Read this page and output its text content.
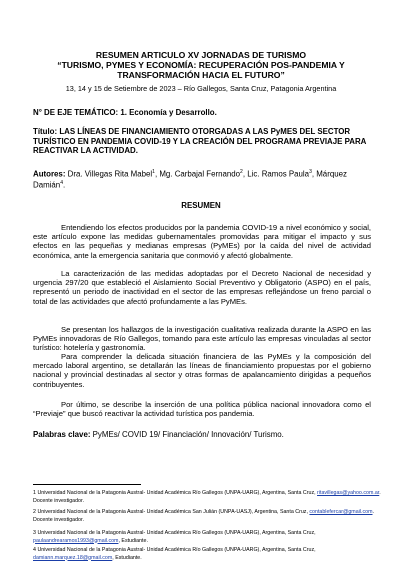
RESUMEN ARTICULO XV JORNADAS DE TURISMO
“TURISMO, PYMES Y ECONOMÍA: RECUPERACIÓN POS-PANDEMIA Y TRANSFORMACIÓN HACIA EL FUTURO”
13, 14 y 15 de Setiembre de 2023 – Río Gallegos, Santa Cruz, Patagonia Argentina
N° DE EJE TEMÁTICO: 1. Economía y Desarrollo.
Título: LAS LÍNEAS DE FINANCIAMIENTO OTORGADAS A LAS PyMES DEL SECTOR TURÍSTICO EN PANDEMIA COVID-19 Y LA CREACIÓN DEL PROGRAMA PREVIAJE PARA REACTIVAR LA ACTIVIDAD.
Autores: Dra. Villegas Rita Mabel$^1$, Mg. Carbajal Fernando$^2$, Lic. Ramos Paula$^3$, Márquez Damián$^4$.
RESUMEN
Entendiendo los efectos producidos por la pandemia COVID-19 a nivel económico y social, este artículo expone las medidas gubernamentales promovidas para mitigar el impacto y sus efectos en las pequeñas y medianas empresas (PyMEs) por la caída del nivel de actividad económica, ante la emergencia sanitaria que conmovió y afectó globalmente.
La caracterización de las medidas adoptadas por el Decreto Nacional de necesidad y urgencia 297/20 que estableció el Aislamiento Social Preventivo y Obligatorio (ASPO) en el país, representó un periodo de inactividad en el sector de las empresas reflejándose un freno parcial o total de las actividades que afectó profundamente a las PyMEs.
Se presentan los hallazgos de la investigación cualitativa realizada durante la ASPO en las PyMEs innovadoras de Río Gallegos, tomando para este artículo las empresas vinculadas al sector turístico: hotelería y gastronomía.
Para comprender la delicada situación financiera de las PyMEs y la composición del mercado laboral argentino, se detallarán las líneas de financiamiento propuestas por el gobierno nacional y provincial destinadas al sector y otras formas de apalancamiento dirigidas a pequeños contribuyentes.
Por último, se describe la inserción de una política pública nacional innovadora como el “Previaje” que buscó reactivar la actividad turística pos pandemia.
Palabras clave: PyMEs/ COVID 19/ Financiación/ Innovación/ Turismo.
1 Universidad Nacional de la Patagonia Austral- Unidad Académica Río Gallegos (UNPA-UARG), Argentina, Santa Cruz, ritavillegas@yahoo.com.ar. Docente investigador.
2 Universidad Nacional de la Patagonia Austral- Unidad Académica San Julián (UNPA-UASJ), Argentina, Santa Cruz, contablefercar@gmail.com. Docente investigador.
3 Universidad Nacional de la Patagonia Austral- Unidad Académica Río Gallegos (UNPA-UARG), Argentina, Santa Cruz, paulaandrearamos1993@gmail.com, Estudiante.
4 Universidad Nacional de la Patagonia Austral- Unidad Académica Río Gallegos (UNPA-UARG), Argentina, Santa Cruz, damiann.marquez.18@gmail.com, Estudiante.
